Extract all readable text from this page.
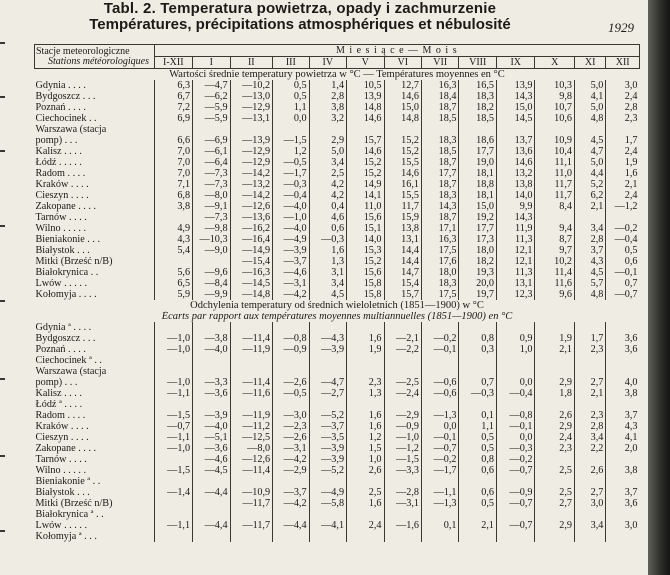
Tabl. 2. Temperatura powietrza, opady i zachmurzenie
Températures, précipitations atmosphériques et nébulosité	1929
Stacje meteorologiczne
Stations météorologiques	M i e s i ą c e — M o i s												
	I-XII	I	II	III	IV	V	VI	VII	VIII	IX	X	XI	XII
Wartości średnie temperatury powietrza w °C — Températures moyennes en °C													
Gdynia . . . .	6,3	—4,7	—10,2	0,5	1,4	10,5	12,7	16,3	16,5	13,9	10,3	5,0	3,0
Bydgoszcz . . .	6,7	—6,2	—13,0	0,5	2,8	13,9	14,6	18,4	18,3	14,3	9,8	4,1	2,4
Poznań . . . .	7,2	—5,9	—12,9	1,1	3,8	14,8	15,0	18,7	18,2	15,0	10,7	5,0	2,8
Ciechocinek . .	6,9	—5,9	—13,1	0,0	3,2	14,6	14,8	18,5	18,5	14,5	10,6	4,8	2,3
Warszawa (stacja													
pomp) . . .	6,6	—6,9	—13,9	—1,5	2,9	15,7	15,2	18,3	18,6	13,7	10,9	4,5	1,7
Kalisz . . . .	7,0	—6,1	—12,9	1,2	5,0	14,6	15,2	18,5	17,7	13,6	10,4	4,7	2,4
Łódź . . . . .	7,0	—6,4	—12,9	—0,5	3,4	15,2	15,5	18,7	19,0	14,6	11,1	5,0	1,9
Radom . . . .	7,0	—7,3	—14,2	—1,7	2,5	15,2	14,6	17,7	18,1	13,2	11,0	4,4	1,6
Kraków . . . .	7,1	—7,3	—13,2	—0,3	4,2	14,9	16,1	18,7	18,8	13,8	11,7	5,2	2,1
Cieszyn . . . .	6,8	—8,0	—14,2	—0,4	4,2	14,1	15,5	18,3	18,1	14,0	11,7	6,2	2,4
Zakopane . . . .	3,8	—9,1	—12,6	—4,0	0,4	11,0	11,7	14,3	15,0	9,9	8,4	2,1	—1,2
Tarnów . . . .		—7,3	—13,6	—1,0	4,6	15,6	15,9	18,7	19,2	14,3			
Wilno . . . . .	4,9	—9,8	—16,2	—4,0	0,6	15,1	13,8	17,1	17,7	11,9	9,4	3,4	—0,2
Bieniakonie . . .	4,3	—10,3	—16,4	—4,9	—0,3	14,0	13,1	16,3	17,3	11,3	8,7	2,8	—0,4
Białystok . . .	5,4	—9,0	—14,9	—3,9	1,6	15,3	14,4	17,5	18,0	12,1	9,7	3,7	0,5
Mitki (Brześć n/B)			—15,4	—3,7	1,3	15,2	14,4	17,6	18,2	12,1	10,2	4,3	0,6
Białokrynica . .	5,6	—9,6	—16,3	—4,6	3,1	15,6	14,7	18,0	19,3	11,3	11,4	4,5	—0,1
Lwów . . . . .	6,5	—8,4	—14,5	—3,1	3,4	15,8	15,4	18,3	20,0	13,1	11,6	5,7	0,7
Kołomyja . . . .	5,9	—9,9	—14,8	—4,2	4,5	15,8	15,7	17,5	19,7	12,3	9,6	4,8	—0,7
Odchylenia temperatury od średnich wieloletnich (1851—1900) w °C													
Écarts par rapport aux températures moyennes multiannuelles (1851—1900) en °C													
Gdynia ª . . . .													
Bydgoszcz . . .	—1,0	—3,8	—11,4	—0,8	—4,3	1,6	—2,1	—0,2	0,8	0,9	1,9	1,7	3,6
Poznań . . . .	—1,0	—4,0	—11,9	—0,9	—3,9	1,9	—2,2	—0,1	0,3	1,0	2,1	2,3	3,6
Ciechocinek ª . .													
Warszawa (stacja													
pomp) . . .	—1,0	—3,3	—11,4	—2,6	—4,7	2,3	—2,5	—0,6	0,7	0,0	2,9	2,7	4,0
Kalisz . . . .	—1,1	—3,6	—11,6	—0,5	—2,7	1,3	—2,4	—0,6	—0,3	—0,4	1,8	2,1	3,8
Łódź ª . . . .													
Radom . . . .	—1,5	—3,9	—11,9	—3,0	—5,2	1,6	—2,9	—1,3	0,1	—0,8	2,6	2,3	3,7
Kraków . . . .	—0,7	—4,0	—11,2	—2,3	—3,7	1,6	—0,9	0,0	1,1	—0,1	2,9	2,8	4,3
Cieszyn . . . .	—1,1	—5,1	—12,5	—2,6	—3,5	1,2	—1,0	—0,1	0,5	0,0	2,4	3,4	4,1
Zakopane . . . .	—1,0	—3,6	—8,0	—3,1	—3,9	1,5	—1,2	—0,7	0,5	—0,3	2,3	2,2	2,0
Tarnów . . . .		—4,6	—12,6	—4,2	—3,9	1,0	—1,5	—0,2	0,8	—0,2			
Wilno . . . . .	—1,5	—4,5	—11,4	—2,9	—5,2	2,6	—3,3	—1,7	0,6	—0,7	2,5	2,6	3,8
Bieniakonie ª . .													
Białystok . . .	—1,4	—4,4	—10,9	—3,7	—4,9	2,5	—2,8	—1,1	0,6	—0,9	2,5	2,7	3,7
Mitki (Brześć n/B)			—11,7	—4,2	—5,8	1,6	—3,1	—1,3	0,5	—0,7	2,7	3,0	3,6
Białokrynica ª . .													
Lwów . . . . .	—1,1	—4,4	—11,7	—4,4	—4,1	2,4	—1,6	0,1	2,1	—0,7	2,9	3,4	3,0
Kołomyja ª . . .													
